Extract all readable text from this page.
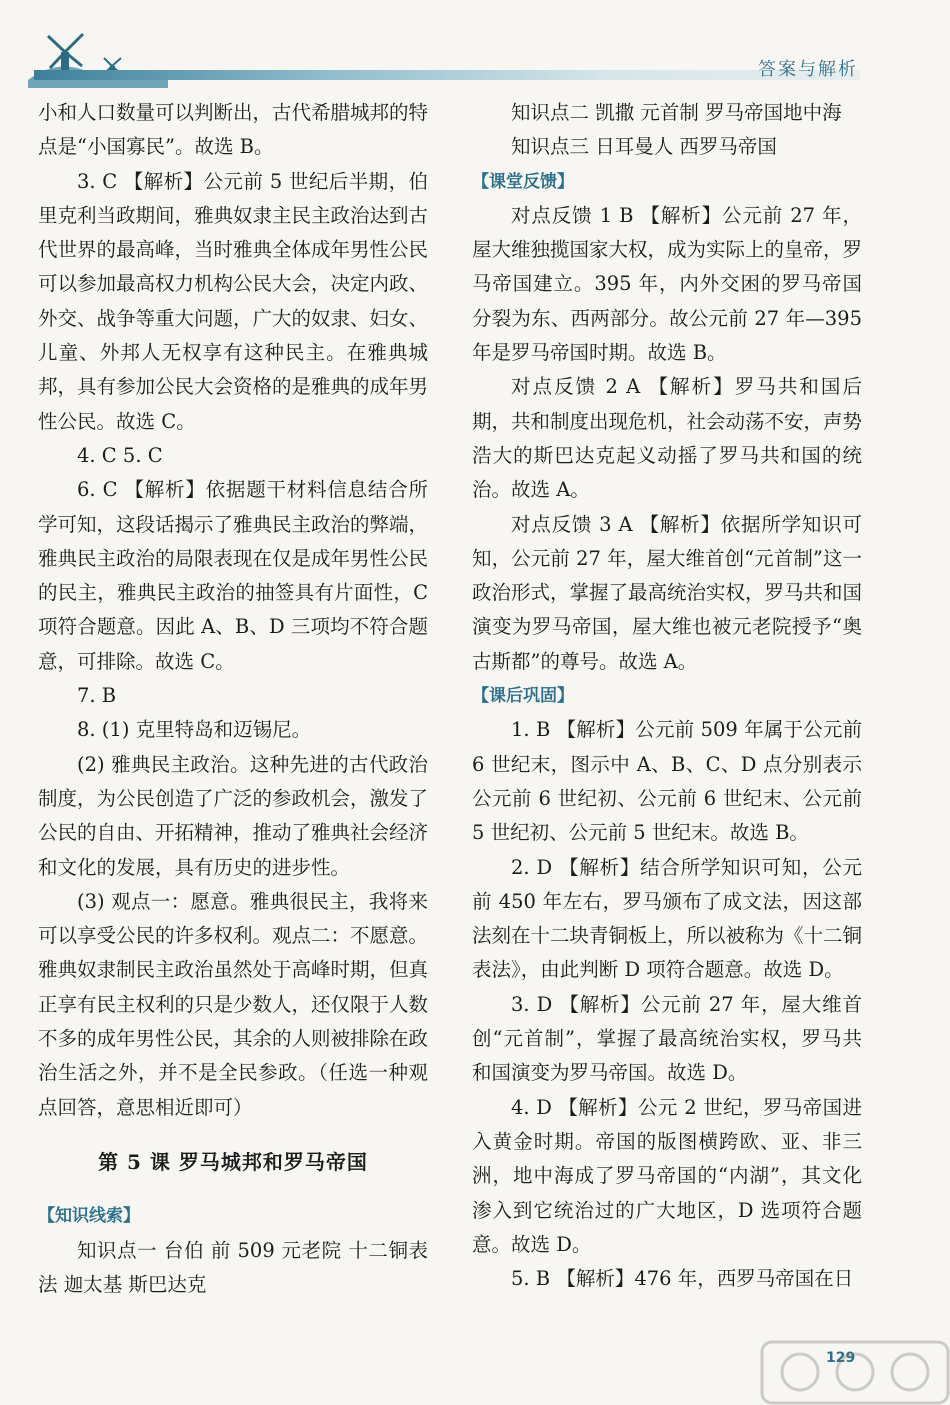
答案与解析

小和人口数量可以判断出，古代希腊城邦的特点是“小国寡民”。故选 B。

3. C 【解析】公元前 5 世纪后半期，伯里克利当政期间，雅典奴隶主民主政治达到古代世界的最高峰，当时雅典全体成年男性公民可以参加最高权力机构公民大会，决定内政、外交、战争等重大问题，广大的奴隶、妇女、儿童、外邦人无权享有这种民主。在雅典城邦，具有参加公民大会资格的是雅典的成年男性公民。故选 C。

4. C 5. C

6. C 【解析】依据题干材料信息结合所学可知，这段话揭示了雅典民主政治的弊端，雅典民主政治的局限表现在仅是成年男性公民的民主，雅典民主政治的抽签具有片面性，C 项符合题意。因此 A、B、D 三项均不符合题意，可排除。故选 C。

7. B

8. (1) 克里特岛和迈锡尼。

(2) 雅典民主政治。这种先进的古代政治制度，为公民创造了广泛的参政机会，激发了公民的自由、开拓精神，推动了雅典社会经济和文化的发展，具有历史的进步性。

(3) 观点一：愿意。雅典很民主，我将来可以享受公民的许多权利。观点二：不愿意。雅典奴隶制民主政治虽然处于高峰时期，但真正享有民主权利的只是少数人，还仅限于人数不多的成年男性公民，其余的人则被排除在政治生活之外，并不是全民参政。（任选一种观点回答，意思相近即可）

第 5 课 罗马城邦和罗马帝国

【知识线索】

知识点一 台伯 前 509 元老院 十二铜表法 迦太基 斯巴达克

知识点二 凯撒 元首制 罗马帝国地中海

知识点三 日耳曼人 西罗马帝国

【课堂反馈】

对点反馈 1 B 【解析】公元前 27 年，屋大维独揽国家大权，成为实际上的皇帝，罗马帝国建立。395 年，内外交困的罗马帝国分裂为东、西两部分。故公元前 27 年—395 年是罗马帝国时期。故选 B。

对点反馈 2 A 【解析】罗马共和国后期，共和制度出现危机，社会动荡不安，声势浩大的斯巴达克起义动摇了罗马共和国的统治。故选 A。

对点反馈 3 A 【解析】依据所学知识可知，公元前 27 年，屋大维首创“元首制”这一政治形式，掌握了最高统治实权，罗马共和国演变为罗马帝国，屋大维也被元老院授予“奥古斯都”的尊号。故选 A。

【课后巩固】

1. B 【解析】公元前 509 年属于公元前 6 世纪末，图示中 A、B、C、D 点分别表示公元前 6 世纪初、公元前 6 世纪末、公元前 5 世纪初、公元前 5 世纪末。故选 B。

2. D 【解析】结合所学知识可知，公元前 450 年左右，罗马颁布了成文法，因这部法刻在十二块青铜板上，所以被称为《十二铜表法》，由此判断 D 项符合题意。故选 D。

3. D 【解析】公元前 27 年，屋大维首创“元首制”，掌握了最高统治实权，罗马共和国演变为罗马帝国。故选 D。

4. D 【解析】公元 2 世纪，罗马帝国进入黄金时期。帝国的版图横跨欧、亚、非三洲，地中海成了罗马帝国的“内湖”，其文化渗入到它统治过的广大地区，D 选项符合题意。故选 D。

5. B 【解析】476 年，西罗马帝国在日

129
